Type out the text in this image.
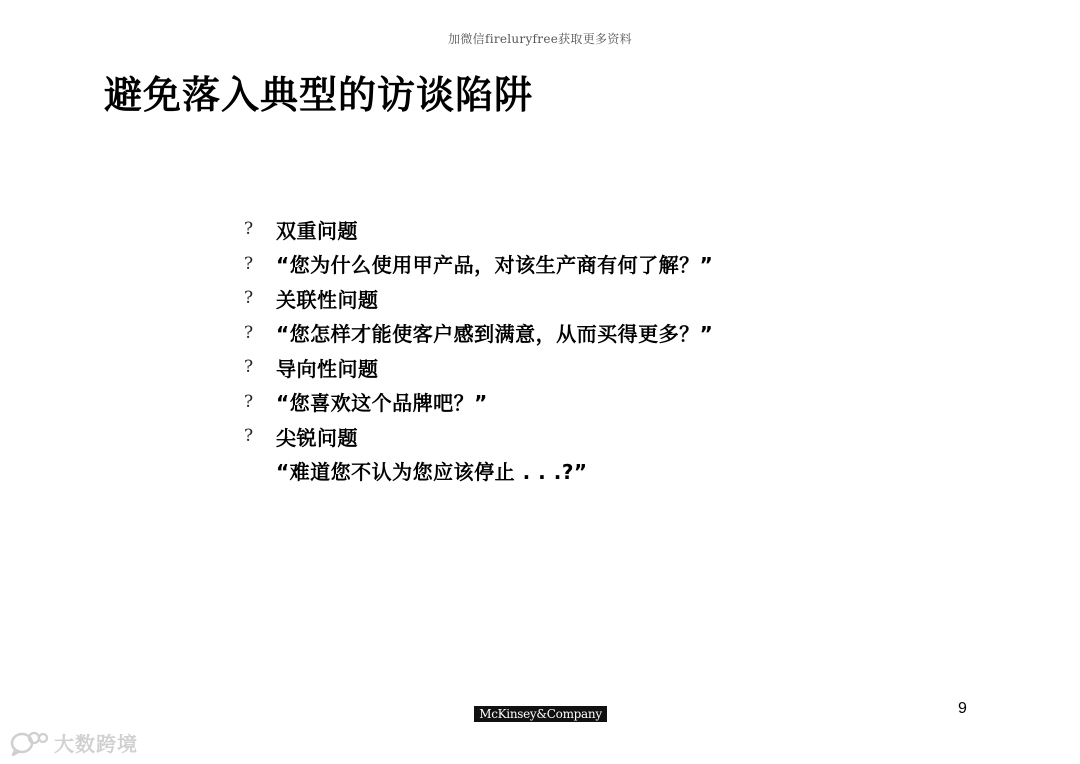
加微信fireluryfree获取更多资料
避免落入典型的访谈陷阱
?	双重问题
?	“您为什么使用甲产品，对该生产商有何了解？”
?	关联性问题
?	“您怎样才能使客户感到满意，从而买得更多？”
?	导向性问题
?	“您喜欢这个品牌吧？”
?	尖锐问题
“难道您不认为您应该停止 . . .?”
McKinsey&Company	9
大数跨境
